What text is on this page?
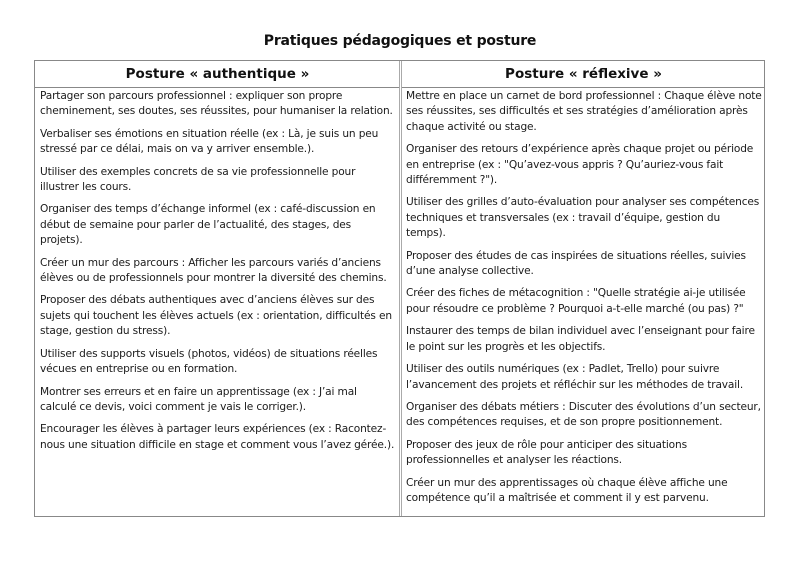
Pratiques pédagogiques et posture
Posture « authentique »	Posture « réflexive »

Partager son parcours professionnel : expliquer son propre cheminement, ses doutes, ses réussites, pour humaniser la relation.

Verbaliser ses émotions en situation réelle (ex : Là, je suis un peu stressé par ce délai, mais on va y arriver ensemble.).

Utiliser des exemples concrets de sa vie professionnelle pour illustrer les cours.

Organiser des temps d’échange informel (ex : café-discussion en début de semaine pour parler de l’actualité, des stages, des projets).

Créer un mur des parcours : Afficher les parcours variés d’anciens élèves ou de professionnels pour montrer la diversité des chemins.

Proposer des débats authentiques avec d’anciens élèves sur des sujets qui touchent les élèves actuels (ex : orientation, difficultés en stage, gestion du stress).

Utiliser des supports visuels (photos, vidéos) de situations réelles vécues en entreprise ou en formation.

Montrer ses erreurs et en faire un apprentissage (ex : J’ai mal calculé ce devis, voici comment je vais le corriger.).

Encourager les élèves à partager leurs expériences (ex : Racontez-nous une situation difficile en stage et comment vous l’avez gérée.).

Mettre en place un carnet de bord professionnel : Chaque élève note ses réussites, ses difficultés et ses stratégies d’amélioration après chaque activité ou stage.

Organiser des retours d’expérience après chaque projet ou période en entreprise (ex : "Qu’avez-vous appris ? Qu’auriez-vous fait différemment ?").

Utiliser des grilles d’auto-évaluation pour analyser ses compétences techniques et transversales (ex : travail d’équipe, gestion du temps).

Proposer des études de cas inspirées de situations réelles, suivies d’une analyse collective.

Créer des fiches de métacognition : "Quelle stratégie ai-je utilisée pour résoudre ce problème ? Pourquoi a-t-elle marché (ou pas) ?"

Instaurer des temps de bilan individuel avec l’enseignant pour faire le point sur les progrès et les objectifs.

Utiliser des outils numériques (ex : Padlet, Trello) pour suivre l’avancement des projets et réfléchir sur les méthodes de travail.

Organiser des débats métiers : Discuter des évolutions d’un secteur, des compétences requises, et de son propre positionnement.

Proposer des jeux de rôle pour anticiper des situations professionnelles et analyser les réactions.

Créer un mur des apprentissages où chaque élève affiche une compétence qu’il a maîtrisée et comment il y est parvenu.
